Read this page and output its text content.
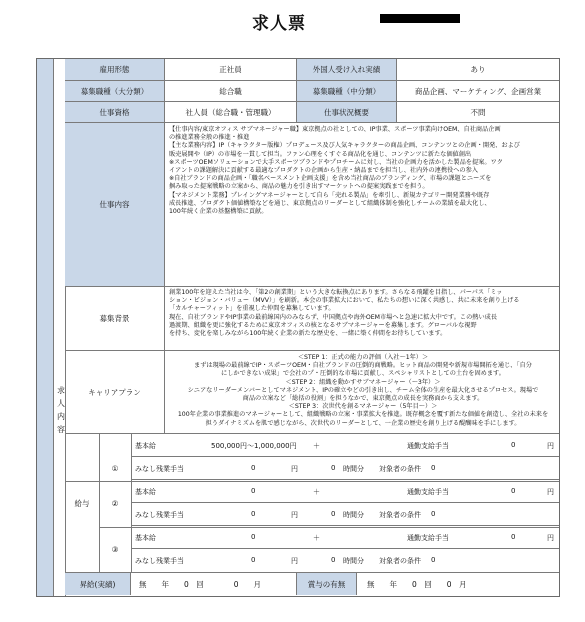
求人票
求人内容
雇用形態	正社員	外国人受け入れ実績	あり
募集職種（大分類）	総合職	募集職種（中分類）	商品企画、マーケティング、企画営業
仕事資格	社人員（総合職・管理職）	仕事状況概要	不問
仕事内容
【仕事内容/東京オフィス サブマネージャー職】東京拠点の社としての、IP事業、スポーツ事業向けOEM、自社商品企画
の推進業務全般の推進・推進
【主な業務内容】IP（キャラクター版権）プロデュース及び人気キャラクターの商品企画、コンテンツとの企画・開発、および
販売展開や（IP）の市場を一貫して担当。ファン心理をくすぐる商品化を通じ、コンテンツに新たな価値創出
※スポーツOEMソリューションで大手スポーツブランドやプロチームに対し、当社の企画力を活かした製品を提案。ワク
イアントの課題解決に貢献する最適なプロダクトの企画から生産・納品までを担当し、社内外の連携役への参入
※自社ブランドの商品企画・「職名ベースメント企画支援」を含め当社商品のブランディング、市場の課題とニーズを
掴み取った提案戦略の立案から、商品の魅力を引き出すマーケットへの提案実践までを担う。
【マネジメント業務】プレイングマネージャーとして自ら「売れる製品」を牽引し、新規カテゴリー開発業務や既存
成長推進、プロダクト価値構築などを通じ、東京拠点のリーダーとして組織体制を強化しチームの業績を最大化し、
100年続く企業の基盤構築に貢献。
募集背景
創業100年を迎えた当社は今、「第2の創業期」という大きな転換点にあります。さらなる飛躍を目指し、パーパス「ミッ
ション・ビジョン・バリュー（MVV）」を刷新。本会の事業拡大において、私たちの想いに深く共感し、共に未来を創り上げる
「カルチャーフィット」を重視した仲間を募集しています。
現在、自社ブランドやIP事業の最前線国内のみならず、中国拠点や海外OEM市場へと急速に拡大中です。この熱い成長
過渡期、組織を更に強化するために東京オフィスの核となるサブマネージャーを募集します。グローバルな視野
を持ち、変化を楽しみながら100年続く企業の新たな歴史を、一緒に築く仲間をお待ちしています。
キャリアプラン
＜STEP 1：正式の能力の評価（入社～1年）＞
まずは現場の最前線でIP・スポーツOEM・自社ブランドの圧倒的商戦略。ヒット商品の開発や新規市場開拓を通じ、「自分
にしかできない成果」で会社のプ・圧倒的な市場に貢献し、スペシャリストとしての土台を固めます。
＜STEP 2：組織を動かすサブマネージャー（～3年）＞
シニアなリーダーメンバーとしてマネジメント、IPの確立やどの引き出し、チーム全体の生産を最大化させるプロセス。現場で
商品の立案など「総括の役割」を担うなかで、東京拠点の成長を実務面から支えます。
＜STEP 3：次世代を創るマネージャー（5年目～）＞
100年企業の事業推進のマネージャーとして、組織戦略の立案・事業拡大を推進。既存概念を覆す新たな価値を創造し、全社の未来を
担うダイナミズムを肌で感じながら、次世代のリーダーとして、一企業の歴史を創り上げる醍醐味を手にします。
給与
①
基本給	500,000円～1,000,000円 ＋	通勤支給手当	0	円
みなし残業手当	0	円	0 時間分 対象者の条件 0
②
基本給	0	＋	通勤支給手当	0	円
みなし残業手当	0	円	0 時間分 対象者の条件 0
③
基本給	0	＋	通勤支給手当	0	円
みなし残業手当	0	円	0 時間分 対象者の条件 0
昇給(実績)	無　　年　　0　回　　　　0　　月	賞与の有無	無　　年　　0　回　　0　月
